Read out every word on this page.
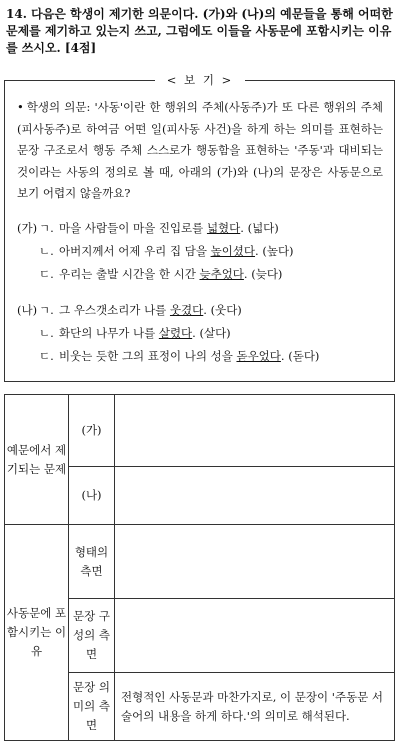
14. 다음은 학생이 제기한 의문이다. (가)와 (나)의 예문들을 통해 어떠한 문제를 제기하고 있는지 쓰고, 그럼에도 이들을 사동문에 포함시키는 이유를 쓰시오. [4점]
< 보 기 >
• 학생의 의문: '사동'이란 한 행위의 주체(사동주)가 또 다른 행위의 주체(피사동주)로 하여금 어떤 일(피사동 사건)을 하게 하는 의미를 표현하는 문장 구조로서 행동 주체 스스로가 행동함을 표현하는 '주동'과 대비되는 것이라는 사동의 정의로 볼 때, 아래의 (가)와 (나)의 문장은 사동문으로 보기 어렵지 않을까요?
(가) ㄱ. 마을 사람들이 마을 진입로를 넓혔다. (넓다)
ㄴ. 아버지께서 어제 우리 집 담을 높이셨다. (높다)
ㄷ. 우리는 출발 시간을 한 시간 늦추었다. (늦다)
(나) ㄱ. 그 우스갯소리가 나를 웃겼다. (웃다)
ㄴ. 화단의 나무가 나를 살렸다. (살다)
ㄷ. 비웃는 듯한 그의 표정이 나의 성을 돋우었다. (돋다)
예문에서 제기되는 문제	(가)	
	(나)	
사동문에 포함시키는 이유	형태의 측면	
	문장 구성의 측면	
	문장 의미의 측면	전형적인 사동문과 마찬가지로, 이 문장이 '주동문 서술어의 내용을 하게 하다.'의 의미로 해석된다.
